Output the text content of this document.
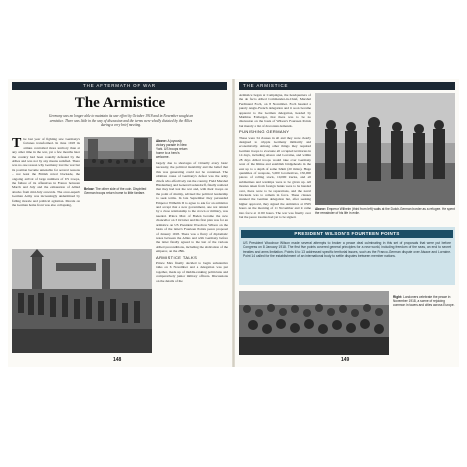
THE AFTERMATH OF WAR
The Armistice
Germany was no longer able to maintain its war effort by October 1918 and in November sought an armistice. There was little in the way of discussion and the terms were wholly dictated by the Allies during a very brief meeting.
The last year of fighting saw Germany's fortunes transformed. In June 1918 its armies controlled more territory than at any other time in the war, yet a few months later the country had been roundly defeated by the Allies and was not by any means satisfied. There was no one reason why Germany lost the war but its position became untenable for several reasons – not least the British naval blockade, the ongoing arrival of large numbers of US troops, the failure of its offensives in France between March and July and the exhaustion of Allied attacks from mid-July onwards. The once-superb German Army was increasingly undermined by falling morale and political agitation. Morale on the German home front was also collapsing,
Above: A joyously victory parade in New York. US troops return home to a hero's welcome.
Below: The other side of the coin. Dispirited German troops return home to little fanfare.

largely due to shortages of virtually every basic necessity, the political instability and the belief that this was generating could not be contained. The ultimate cause of Germany's defeat was the army chiefs who effectively ran the country, Field Marshal Hindenburg and General Ludendorff, finally realized that they had lost the war and, with their troops on the point of mutiny, advised the political leadership to seek terms. In late September they persuaded Emperor Wilhelm II to agree to ask for an armistice and accept that a new government, one not tainted by a close relationship to the crown or military, was needed. Prince Max of Baden became the new chancellor on 3 October and his first plan was for an armistice on US President Woodrow Wilson on the basis of the latter's Fourteen Points peace proposal of January 1918. There was a flurry of diplomatic notes between the Allies and with Germany before the latter finally agreed to the last of the various Allied preconditions, including the abdication of the emperor, on the 28th.

ARMISTICE TALKS

Prince Max finally decided to begin substantive talks on 6 November and a delegation was put together, made up of middle-ranking politicians and comparatively junior military officers. Discussions on the details of the

148
THE ARMISTICE

Armistice began at Compiègne, the headquarters of the de facto Allied Commander-in-Chief, Marshal Ferdinand Foch, on 8 November. Foch headed a purely Anglo-French delegation and it soon became apparent to the German delegation, headed by Matthias Erzberger, that there was to be no discussion on the basis of Wilson's Fourteen Points but merely a list of draconian demands.

PUNISHING GERMANY

These were 34 clauses in all and they were clearly designed to cripple Germany militarily and economically. Among other things they required German troops to evacuate all occupied territories in 14 days, including Alsace and Lorraine, and within 28 days Allied troops would take over Germany west of the Rhine and establish bridgeheads in the east up to a depth of some 32km (20 miles). Huge quantities of weapons, 5,000 locomotives, 150,000 pieces of rolling stock, 10,000 trucks, and all submarines and warships were to be given up. All monies taken from foreign banks were to be handed over, there were to be reparations, and the naval blockade was to remain in force. These clauses stunned the German delegation but, after seeking higher approval, they signed the Armistice at 0505 hours on the morning of 11 November and it came into force at 11:00 hours. The war was finally over but the peace treaties had yet to be signed.

Above: Emperor Wilhelm (third from left) waits at the Dutch-German border as a refugee. He spent the remainder of his life in exile.
PRESIDENT WILSON'S FOURTEEN POINTS
US President Woodrow Wilson made several attempts to broker a peace deal culminating in this set of proposals that were put before Congress on 8 January 1918. The first five points covered general principles for a new world, including freedom of the seas, an end to secret treaties and arms limitation. Points 6 to 13 addressed specific territorial issues, such as the Franco-German dispute over Alsace and Lorraine. Point 14 called for the establishment of an international body to settle disputes between member nations.
Right: Londoners celebrate the peace in November 1918, a scene of rejoicing common in towns and cities across Europe.
149
